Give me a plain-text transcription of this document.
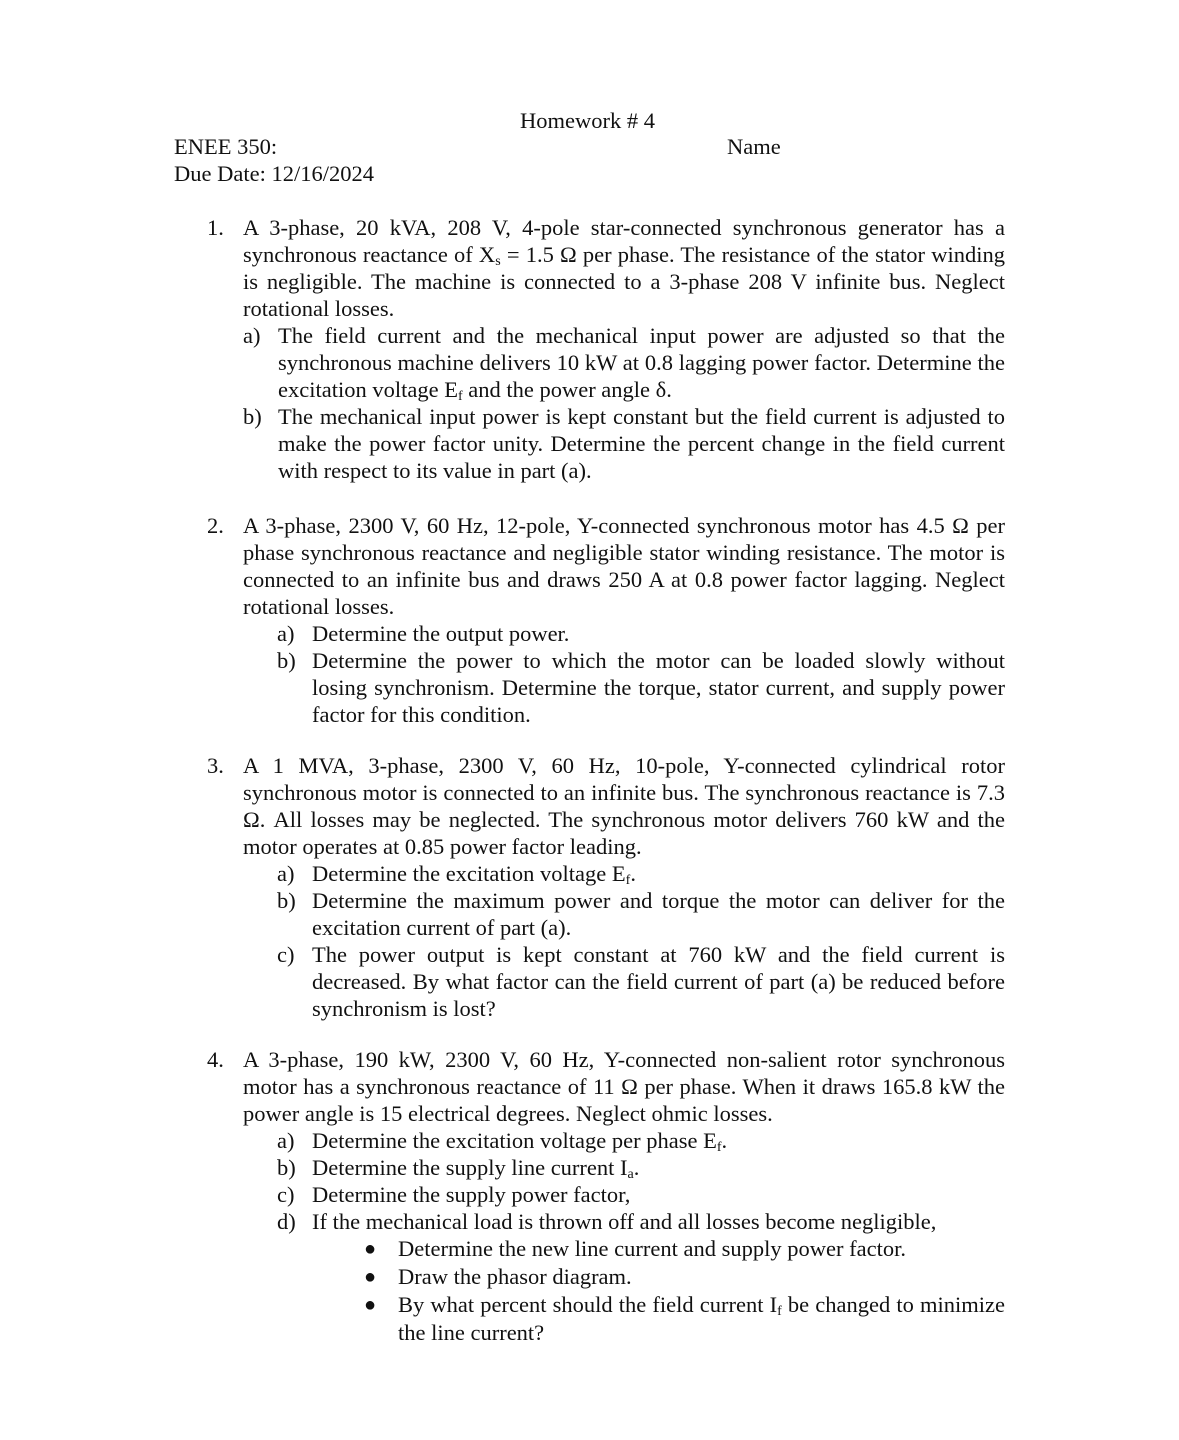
Homework # 4
ENEE 350:	Name
Due Date: 12/16/2024
1. A 3-phase, 20 kVA, 208 V, 4-pole star-connected synchronous generator has a synchronous reactance of $X_s = 1.5$ Ω per phase. The resistance of the stator winding is negligible. The machine is connected to a 3-phase 208 V infinite bus. Neglect rotational losses.
a) The field current and the mechanical input power are adjusted so that the synchronous machine delivers 10 kW at 0.8 lagging power factor. Determine the excitation voltage $E_f$ and the power angle δ.
b) The mechanical input power is kept constant but the field current is adjusted to make the power factor unity. Determine the percent change in the field current with respect to its value in part (a).
2. A 3-phase, 2300 V, 60 Hz, 12-pole, Y-connected synchronous motor has 4.5 Ω per phase synchronous reactance and negligible stator winding resistance. The motor is connected to an infinite bus and draws 250 A at 0.8 power factor lagging. Neglect rotational losses.
a) Determine the output power.
b) Determine the power to which the motor can be loaded slowly without losing synchronism. Determine the torque, stator current, and supply power factor for this condition.
3. A 1 MVA, 3-phase, 2300 V, 60 Hz, 10-pole, Y-connected cylindrical rotor synchronous motor is connected to an infinite bus. The synchronous reactance is 7.3 Ω. All losses may be neglected. The synchronous motor delivers 760 kW and the motor operates at 0.85 power factor leading.
a) Determine the excitation voltage $E_f$.
b) Determine the maximum power and torque the motor can deliver for the excitation current of part (a).
c) The power output is kept constant at 760 kW and the field current is decreased. By what factor can the field current of part (a) be reduced before synchronism is lost?
4. A 3-phase, 190 kW, 2300 V, 60 Hz, Y-connected non-salient rotor synchronous motor has a synchronous reactance of 11 Ω per phase. When it draws 165.8 kW the power angle is 15 electrical degrees. Neglect ohmic losses.
a) Determine the excitation voltage per phase $E_f$.
b) Determine the supply line current $I_a$.
c) Determine the supply power factor,
d) If the mechanical load is thrown off and all losses become negligible,
● Determine the new line current and supply power factor.
● Draw the phasor diagram.
● By what percent should the field current $I_f$ be changed to minimize the line current?
